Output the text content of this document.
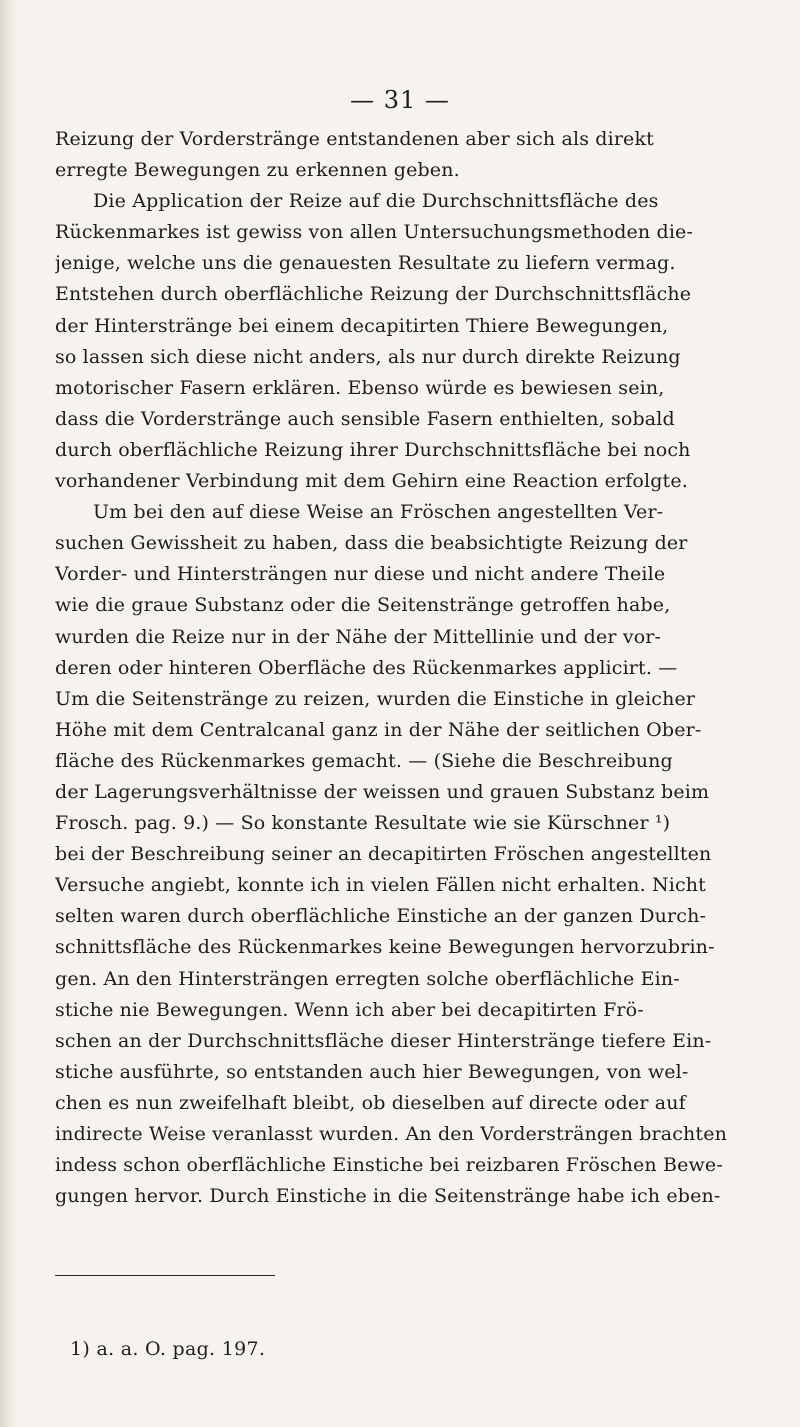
— 31 —
Reizung der Vorderstränge entstandenen aber sich als direkt
erregte Bewegungen zu erkennen geben.
Die Application der Reize auf die Durchschnittsfläche des
Rückenmarkes ist gewiss von allen Untersuchungsmethoden die-
jenige, welche uns die genauesten Resultate zu liefern vermag.
Entstehen durch oberflächliche Reizung der Durchschnittsfläche
der Hinterstränge bei einem decapitirten Thiere Bewegungen,
so lassen sich diese nicht anders, als nur durch direkte Reizung
motorischer Fasern erklären. Ebenso würde es bewiesen sein,
dass die Vorderstränge auch sensible Fasern enthielten, sobald
durch oberflächliche Reizung ihrer Durchschnittsfläche bei noch
vorhandener Verbindung mit dem Gehirn eine Reaction erfolgte.
Um bei den auf diese Weise an Fröschen angestellten Ver-
suchen Gewissheit zu haben, dass die beabsichtigte Reizung der
Vorder- und Hintersträngen nur diese und nicht andere Theile
wie die graue Substanz oder die Seitenstränge getroffen habe,
wurden die Reize nur in der Nähe der Mittellinie und der vor-
deren oder hinteren Oberfläche des Rückenmarkes applicirt. —
Um die Seitenstränge zu reizen, wurden die Einstiche in gleicher
Höhe mit dem Centralcanal ganz in der Nähe der seitlichen Ober-
fläche des Rückenmarkes gemacht. — (Siehe die Beschreibung
der Lagerungsverhältnisse der weissen und grauen Substanz beim
Frosch. pag. 9.) — So konstante Resultate wie sie Kürschner ¹)
bei der Beschreibung seiner an decapitirten Fröschen angestellten
Versuche angiebt, konnte ich in vielen Fällen nicht erhalten. Nicht
selten waren durch oberflächliche Einstiche an der ganzen Durch-
schnittsfläche des Rückenmarkes keine Bewegungen hervorzubrin-
gen. An den Hintersträngen erregten solche oberflächliche Ein-
stiche nie Bewegungen. Wenn ich aber bei decapitirten Frö-
schen an der Durchschnittsfläche dieser Hinterstränge tiefere Ein-
stiche ausführte, so entstanden auch hier Bewegungen, von wel-
chen es nun zweifelhaft bleibt, ob dieselben auf directe oder auf
indirecte Weise veranlasst wurden. An den Vordersträngen brachten
indess schon oberflächliche Einstiche bei reizbaren Fröschen Bewe-
gungen hervor. Durch Einstiche in die Seitenstränge habe ich eben-
1) a. a. O. pag. 197.
